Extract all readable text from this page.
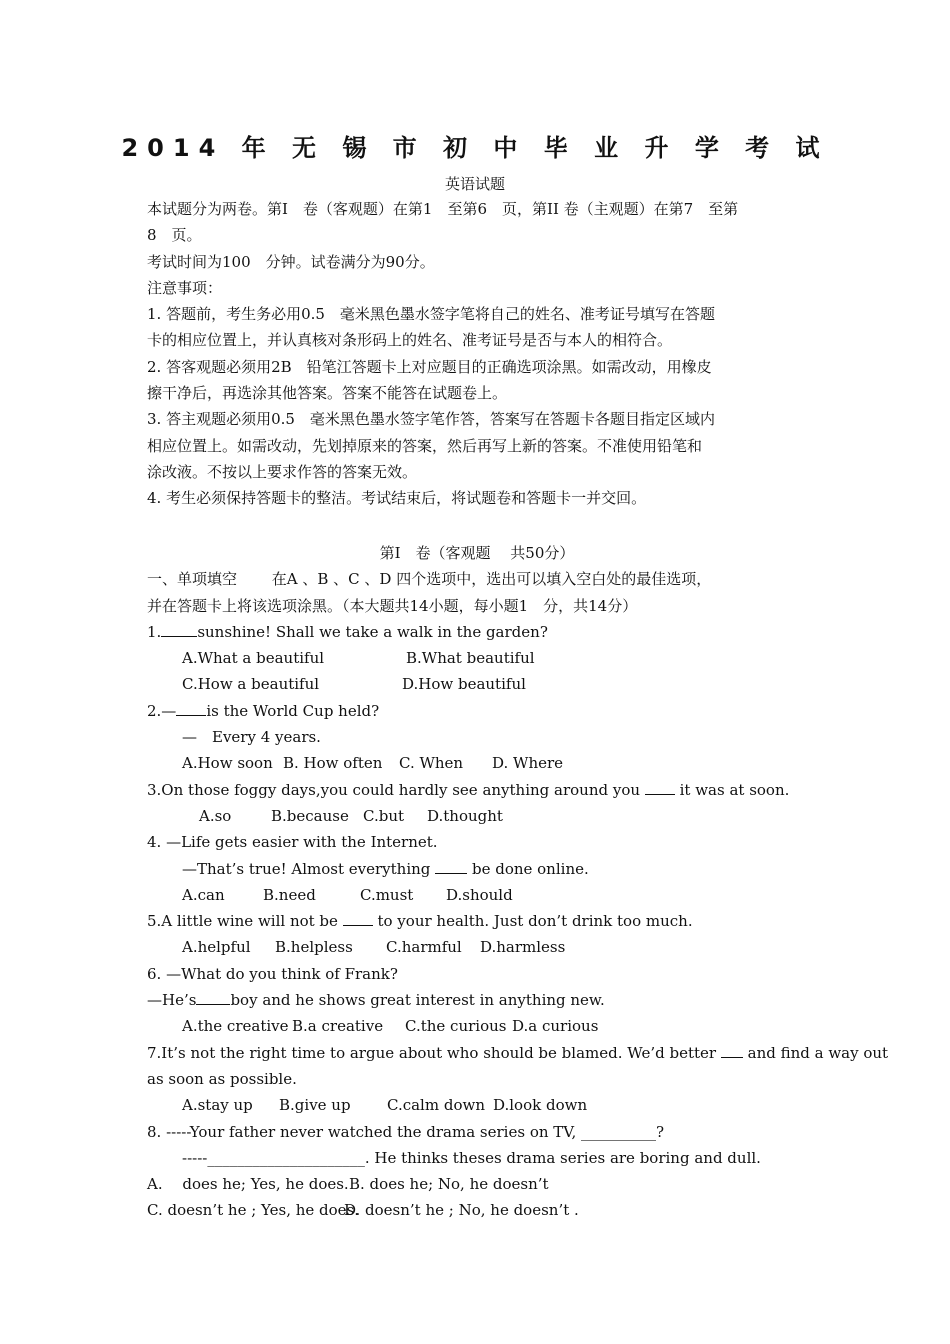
2014 年 无 锡 市 初 中 毕 业 升 学 考 试
英语试题
本试题分为两卷。第I　卷（客观题）在第1　至第6　页，第II 卷（主观题）在第7　至第
8　页。
考试时间为100　分钟。试卷满分为90分。
注意事项：
1. 答题前，考生务必用0.5　毫米黑色墨水签字笔将自己的姓名、准考证号填写在答题
卡的相应位置上，并认真核对条形码上的姓名、准考证号是否与本人的相符合。
2. 答客观题必须用2B　铅笔江答题卡上对应题目的正确选项涂黑。如需改动，用橡皮
擦干净后，再选涂其他答案。答案不能答在试题卷上。
3. 答主观题必须用0.5　毫米黑色墨水签字笔作答，答案写在答题卡各题目指定区域内
相应位置上。如需改动，先划掉原来的答案，然后再写上新的答案。不准使用铅笔和
涂改液。不按以上要求作答的答案无效。
4. 考生必须保持答题卡的整洁。考试结束后，将试题卷和答题卡一并交回。
第I　卷（客观题　 共50分）
一、单项填空　　 在A 、B 、C 、D 四个选项中，选出可以填入空白处的最佳选项，
并在答题卡上将该选项涂黑。（本大题共14小题，每小题1　分，共14分）
1. sunshine! Shall we take a walk in the garden?
A.What a beautiful	B.What beautiful
C.How a beautiful	D.How beautiful
2.— is the World Cup held?
—　Every 4 years.
A.How soon B. How often C. When D. Where
3.On those foggy days,you could hardly see anything around you	it was at soon.
A.so	B.because C.but D.thought
4. —Life gets easier with the Internet.
—That’s true! Almost everything	be done online.
A.can	B.need	C.must D.should
5.A little wine will not be	to your health. Just don’t drink too much.
A.helpful B.helpless C.harmful D.harmless
6. —What do you think of Frank?
—He’s boy and he shows great interest in anything new.
A.the creative B.a creative C.the curious D.a curious
7.It’s not the right time to argue about who should be blamed. We’d better and find a way out
as soon as possible.
A.stay up B.give up C.calm down D.look down
8. -----Your father never watched the drama series on TV, __________?
-----_____________________. He thinks theses drama series are boring and dull.
A.　 does he; Yes, he does.B. does he; No, he doesn’t
C. doesn’t he ; Yes, he does.D. doesn’t he ; No, he doesn’t .
